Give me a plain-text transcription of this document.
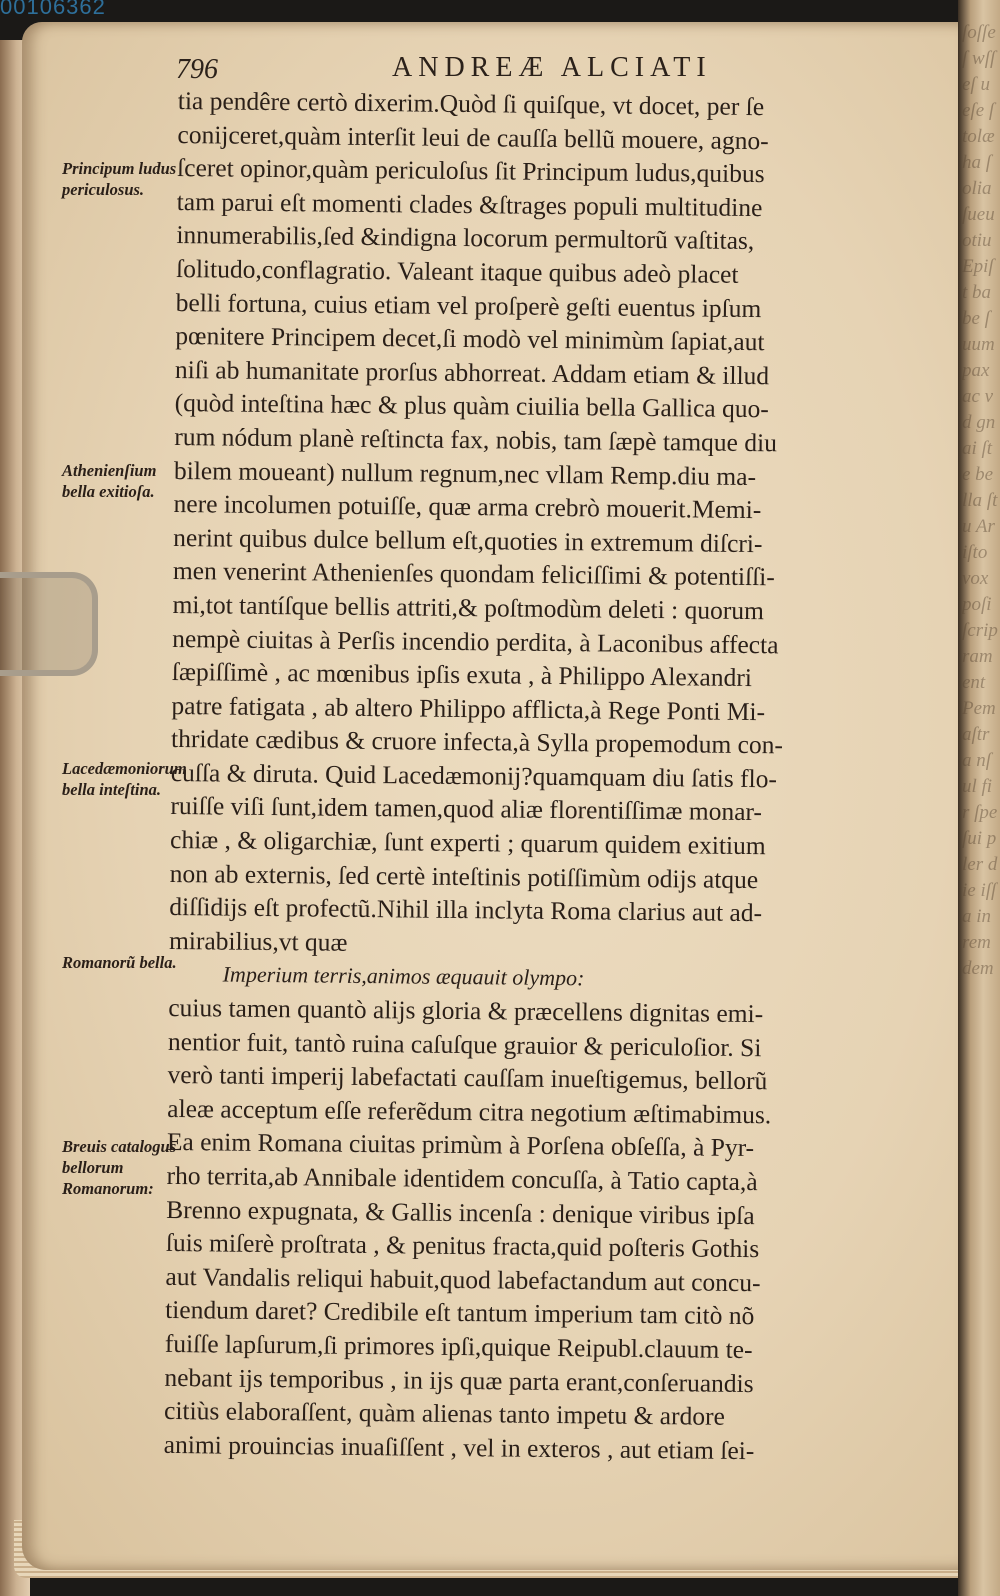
00106362
ſoſſeſ wſſeſ ueſe ſtolæ ha ſolia ſueu otiu Epiſt babe ſuum pax ac vd gnai ſte bella ſtu Ariſto vox poſi ſcrip ram ent Pem aſtra nſul fir ſpe ſui pler die iſſa in rem dem
796	ANDREÆ ALCIATI
Principum ludus periculosus.
Athenienſium bella exitioſa.
Lacedæmoniorum bella inteſtina.
Romanorũ bella.
Breuis catalogus bellorum Romanorum:
tia pendêre certò dixerim.Quòd ſi quiſque, vt docet, per ſe
conijceret,quàm interſit leui de cauſſa bellũ mouere, agno-
ſceret opinor,quàm periculoſus ſit Principum ludus,quibus
tam parui eſt momenti clades &ſtrages populi multitudine
innumerabilis,ſed &indigna locorum permultorũ vaſtitas,
ſolitudo,conflagratio. Valeant itaque quibus adeò placet
belli fortuna, cuius etiam vel proſperè geſti euentus ipſum
pœnitere Principem decet,ſi modò vel minimùm ſapiat,aut
niſi ab humanitate prorſus abhorreat. Addam etiam & illud
(quòd inteſtina hæc & plus quàm ciuilia bella Gallica quo-
rum nódum planè reſtincta fax, nobis, tam ſæpè tamque diu
bilem moueant) nullum regnum,nec vllam Remp.diu ma-
nere incolumen potuiſſe, quæ arma crebrò mouerit.Memi-
nerint quibus dulce bellum eſt,quoties in extremum diſcri-
men venerint Athenienſes quondam feliciſſimi & potentiſſi-
mi,tot tantíſque bellis attriti,& poſtmodùm deleti : quorum
nempè ciuitas à Perſis incendio perdita, à Laconibus affecta
ſæpiſſimè , ac mœnibus ipſis exuta , à Philippo Alexandri
patre fatigata , ab altero Philippo afflicta,à Rege Ponti Mi-
thridate cædibus & cruore infecta,à Sylla propemodum con-
cuſſa & diruta. Quid Lacedæmonij?quamquam diu ſatis flo-
ruiſſe viſi ſunt,idem tamen,quod aliæ florentiſſimæ monar-
chiæ , & oligarchiæ, ſunt experti ; quarum quidem exitium
non ab externis, ſed certè inteſtinis potiſſimùm odijs atque
diſſidijs eſt profectũ.Nihil illa inclyta Roma clarius aut ad-
mirabilius,vt quæ
Imperium terris,animos æquauit olympo:
cuius tamen quantò alijs gloria & præcellens dignitas emi-
nentior fuit, tantò ruina caſuſque grauior & periculoſior. Si
verò tanti imperij labefactati cauſſam inueſtigemus, bellorũ
aleæ acceptum eſſe referẽdum citra negotium æſtimabimus.
Ea enim Romana ciuitas primùm à Porſena obſeſſa, à Pyr-
rho territa,ab Annibale identidem concuſſa, à Tatio capta,à
Brenno expugnata, & Gallis incenſa : denique viribus ipſa
ſuis miſerè proſtrata , & penitus fracta,quid poſteris Gothis
aut Vandalis reliqui habuit,quod labefactandum aut concu-
tiendum daret? Credibile eſt tantum imperium tam citò nõ
fuiſſe lapſurum,ſi primores ipſi,quique Reipubl.clauum te-
nebant ijs temporibus , in ijs quæ parta erant,conſeruandis
citiùs elaboraſſent, quàm alienas tanto impetu & ardore
animi prouincias inuaſiſſent , vel in exteros , aut etiam ſei-
